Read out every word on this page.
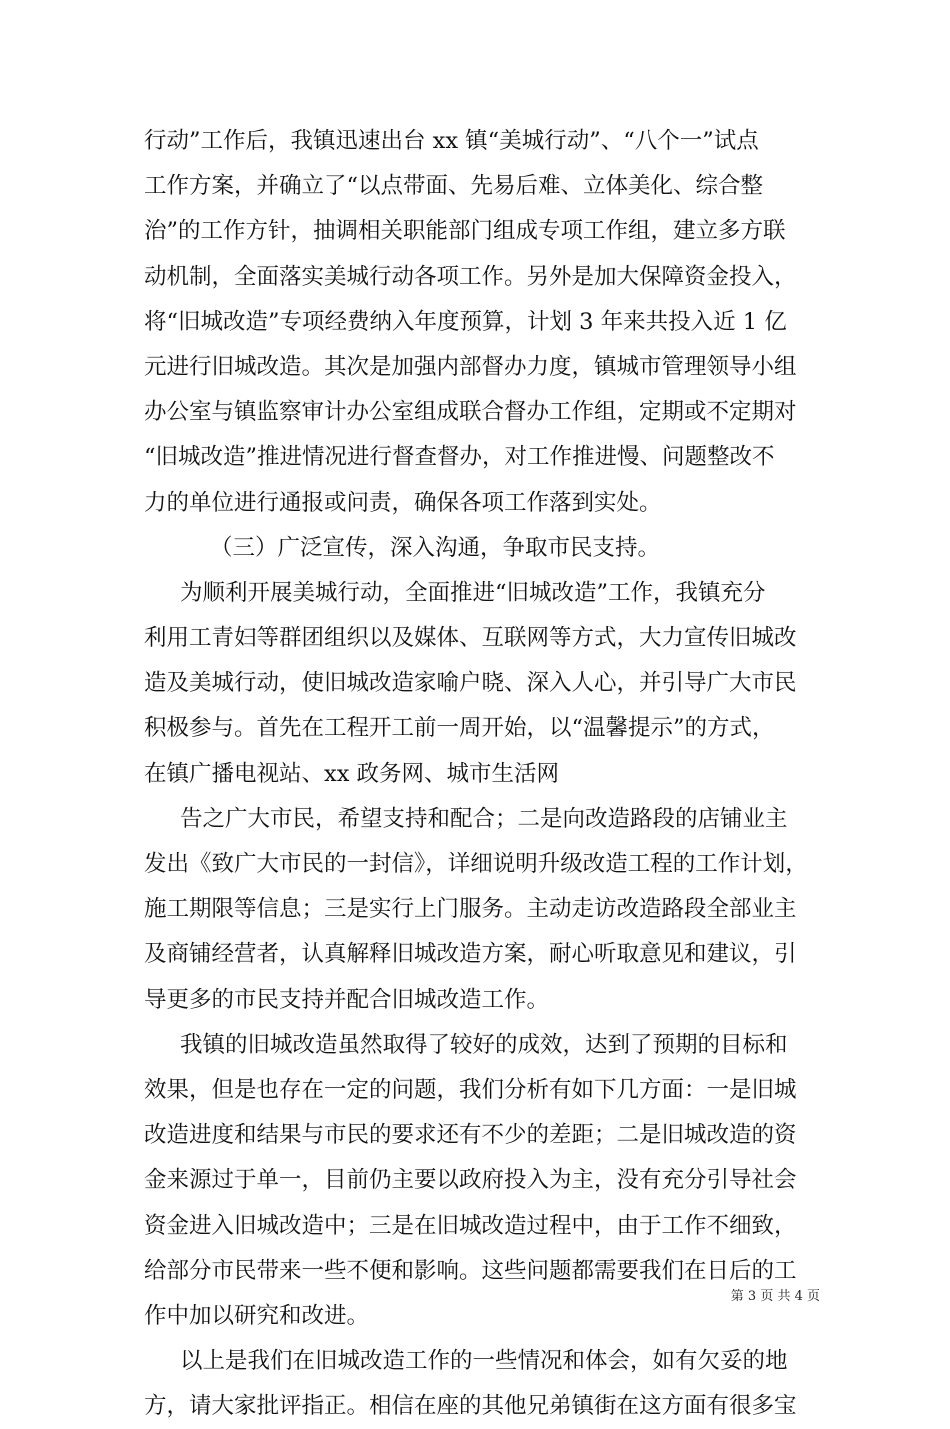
行动”工作后，我镇迅速出台 xx 镇“美城行动”、“八个一”试点
工作方案，并确立了“以点带面、先易后难、立体美化、综合整
治”的工作方针，抽调相关职能部门组成专项工作组，建立多方联
动机制，全面落实美城行动各项工作。另外是加大保障资金投入，
将“旧城改造”专项经费纳入年度预算，计划 3 年来共投入近 1 亿
元进行旧城改造。其次是加强内部督办力度，镇城市管理领导小组
办公室与镇监察审计办公室组成联合督办工作组，定期或不定期对
“旧城改造”推进情况进行督查督办，对工作推进慢、问题整改不
力的单位进行通报或问责，确保各项工作落到实处。
（三）广泛宣传，深入沟通，争取市民支持。
为顺利开展美城行动，全面推进“旧城改造”工作，我镇充分
利用工青妇等群团组织以及媒体、互联网等方式，大力宣传旧城改
造及美城行动，使旧城改造家喻户晓、深入人心，并引导广大市民
积极参与。首先在工程开工前一周开始，以“温馨提示”的方式，
在镇广播电视站、xx 政务网、城市生活网
告之广大市民，希望支持和配合；二是向改造路段的店铺业主
发出《致广大市民的一封信》，详细说明升级改造工程的工作计划，
施工期限等信息；三是实行上门服务。主动走访改造路段全部业主
及商铺经营者，认真解释旧城改造方案，耐心听取意见和建议，引
导更多的市民支持并配合旧城改造工作。
我镇的旧城改造虽然取得了较好的成效，达到了预期的目标和
效果，但是也存在一定的问题，我们分析有如下几方面：一是旧城
改造进度和结果与市民的要求还有不少的差距；二是旧城改造的资
金来源过于单一，目前仍主要以政府投入为主，没有充分引导社会
资金进入旧城改造中；三是在旧城改造过程中，由于工作不细致，
给部分市民带来一些不便和影响。这些问题都需要我们在日后的工
作中加以研究和改进。
以上是我们在旧城改造工作的一些情况和体会，如有欠妥的地
方，请大家批评指正。相信在座的其他兄弟镇街在这方面有很多宝
第 3 页 共 4 页
